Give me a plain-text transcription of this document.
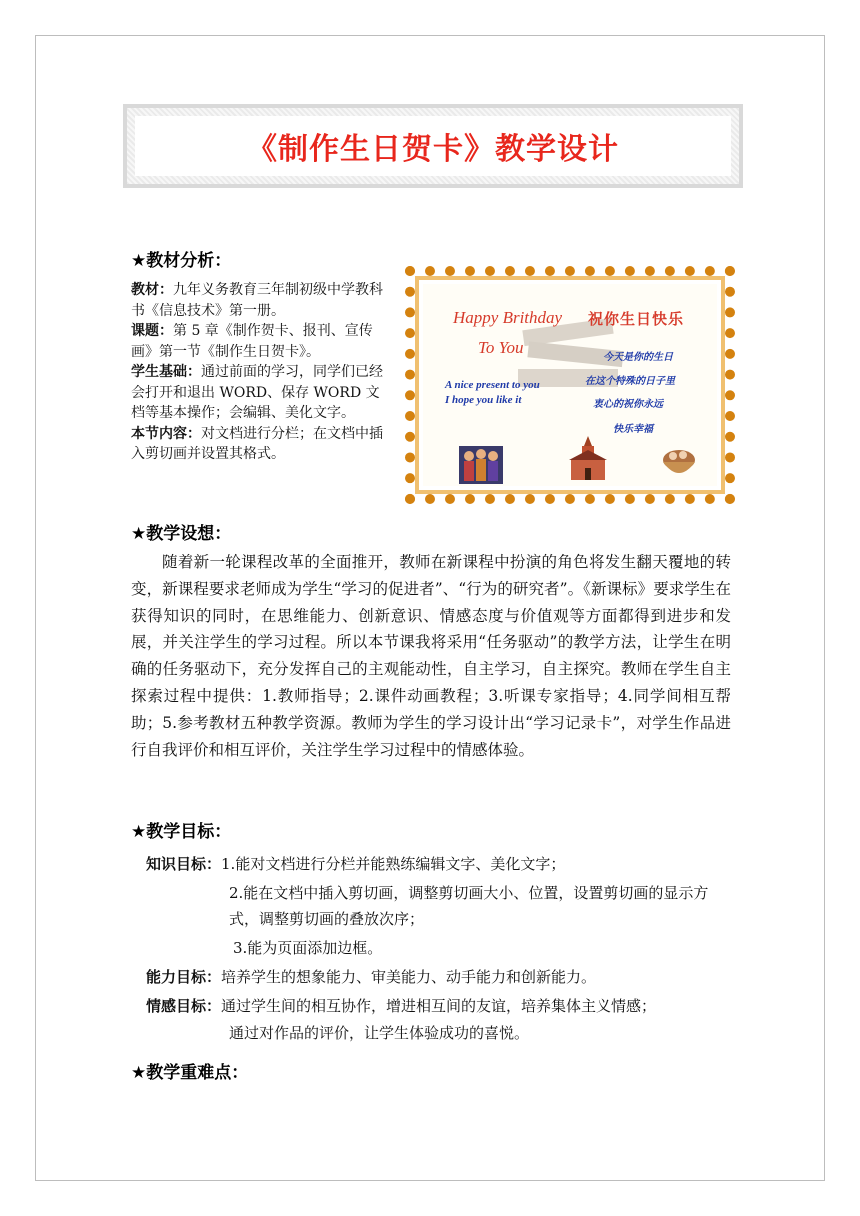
《制作生日贺卡》教学设计
★教材分析：

教材：九年义务教育三年制初级中学教科书《信息技术》第一册。

课题：第 5 章《制作贺卡、报刊、宣传画》第一节《制作生日贺卡》。

学生基础：通过前面的学习，同学们已经会打开和退出 WORD、保存 WORD 文档等基本操作；会编辑、美化文字。

本节内容：对文档进行分栏；在文档中插入剪切画并设置其格式。

Happy Brithday
To You
祝你生日快乐
A nice present to you
I hope you like it
今天是你的生日
在这个特殊的日子里
衷心的祝你永远
快乐幸福
★教学设想：

随着新一轮课程改革的全面推开，教师在新课程中扮演的角色将发生翻天覆地的转变，新课程要求老师成为学生“学习的促进者”、“行为的研究者”。《新课标》要求学生在获得知识的同时，在思维能力、创新意识、情感态度与价值观等方面都得到进步和发展，并关注学生的学习过程。所以本节课我将采用“任务驱动”的教学方法，让学生在明确的任务驱动下，充分发挥自己的主观能动性，自主学习，自主探究。教师在学生自主探索过程中提供：1.教师指导；2.课件动画教程；3.听课专家指导；4.同学间相互帮助；5.参考教材五种教学资源。教师为学生的学习设计出“学习记录卡”，对学生作品进行自我评价和相互评价，关注学生学习过程中的情感体验。

★教学目标：
知识目标：1.能对文档进行分栏并能熟练编辑文字、美化文字；
2.能在文档中插入剪切画，调整剪切画大小、位置，设置剪切画的显示方式，调整剪切画的叠放次序；
3.能为页面添加边框。
能力目标：培养学生的想象能力、审美能力、动手能力和创新能力。
情感目标：通过学生间的相互协作，增进相互间的友谊，培养集体主义情感；
通过对作品的评价，让学生体验成功的喜悦。
★教学重难点：
